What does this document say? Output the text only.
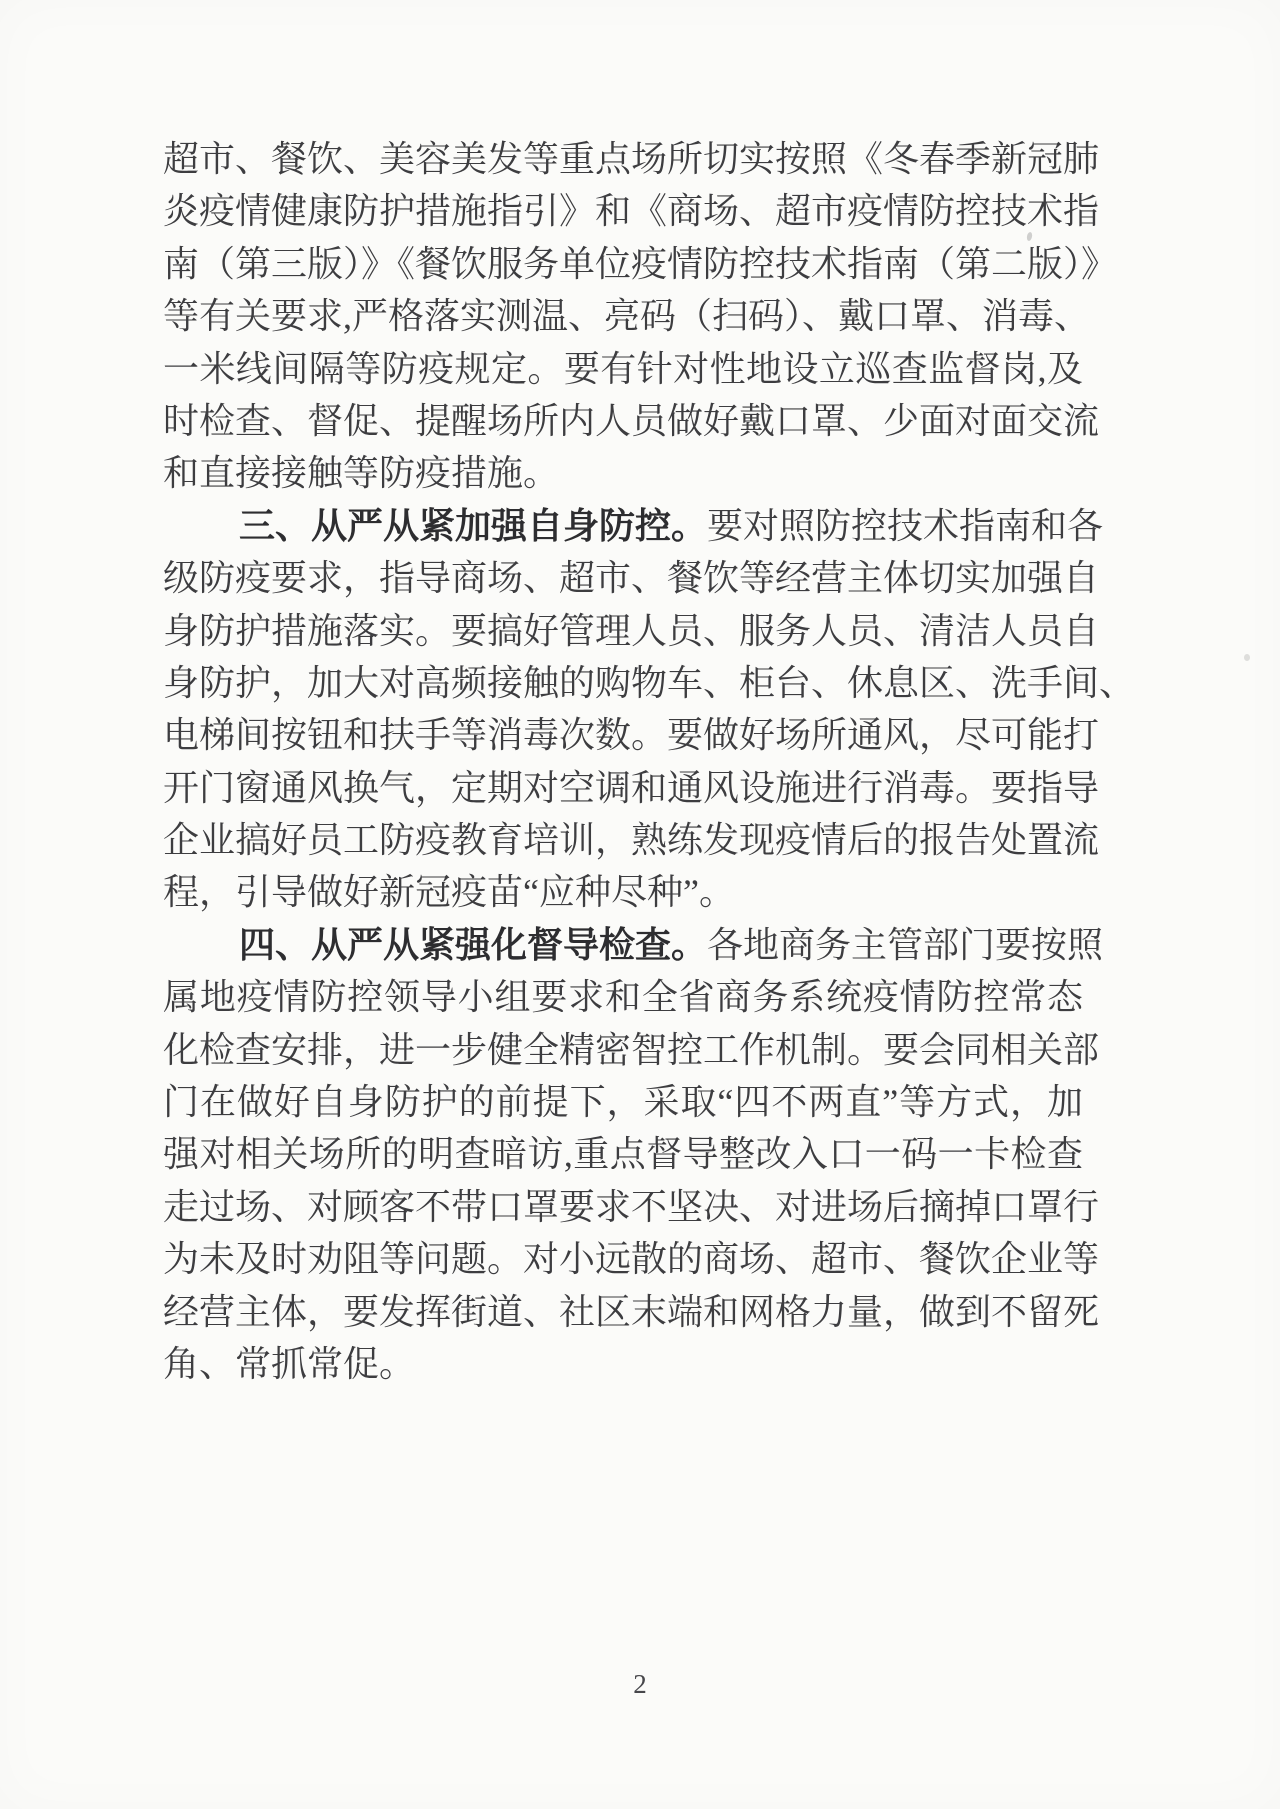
超市、餐饮、美容美发等重点场所切实按照《冬春季新冠肺

炎疫情健康防护措施指引》和《商场、超市疫情防控技术指

南（第三版）》《餐饮服务单位疫情防控技术指南（第二版）》

等有关要求,严格落实测温、亮码（扫码）、戴口罩、消毒、

一米线间隔等防疫规定。要有针对性地设立巡查监督岗,及

时检查、督促、提醒场所内人员做好戴口罩、少面对面交流

和直接接触等防疫措施。

三、从严从紧加强自身防控。要对照防控技术指南和各

级防疫要求，指导商场、超市、餐饮等经营主体切实加强自

身防护措施落实。要搞好管理人员、服务人员、清洁人员自

身防护，加大对高频接触的购物车、柜台、休息区、洗手间、

电梯间按钮和扶手等消毒次数。要做好场所通风，尽可能打

开门窗通风换气，定期对空调和通风设施进行消毒。要指导

企业搞好员工防疫教育培训，熟练发现疫情后的报告处置流

程，引导做好新冠疫苗“应种尽种”。

四、从严从紧强化督导检查。各地商务主管部门要按照

属地疫情防控领导小组要求和全省商务系统疫情防控常态

化检查安排，进一步健全精密智控工作机制。要会同相关部

门在做好自身防护的前提下，采取“四不两直”等方式，加

强对相关场所的明查暗访,重点督导整改入口一码一卡检查

走过场、对顾客不带口罩要求不坚决、对进场后摘掉口罩行

为未及时劝阻等问题。对小远散的商场、超市、餐饮企业等

经营主体，要发挥街道、社区末端和网格力量，做到不留死

角、常抓常促。

2
